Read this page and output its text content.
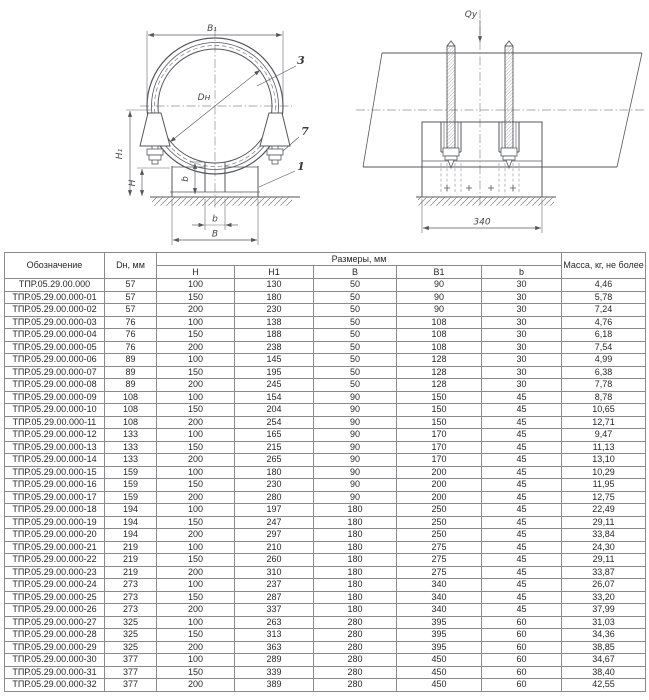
B₁
Dн
H₁
H
b
b
B
3
7
1
Qy
340
Обозначение	Dн, мм	Размеры, мм					Масса, кг, не более
		H	H1	B	B1	b	
ТПР.05.29.00.000	57	100	130	50	90	30	4,46
ТПР.05.29.00.000-01	57	150	180	50	90	30	5,78
ТПР.05.29.00.000-02	57	200	230	50	90	30	7,24
ТПР.05.29.00.000-03	76	100	138	50	108	30	4,76
ТПР.05.29.00.000-04	76	150	188	50	108	30	6,18
ТПР.05.29.00.000-05	76	200	238	50	108	30	7,54
ТПР.05.29.00.000-06	89	100	145	50	128	30	4,99
ТПР.05.29.00.000-07	89	150	195	50	128	30	6,38
ТПР.05.29.00.000-08	89	200	245	50	128	30	7,78
ТПР.05.29.00.000-09	108	100	154	90	150	45	8,78
ТПР.05.29.00.000-10	108	150	204	90	150	45	10,65
ТПР.05.29.00.000-11	108	200	254	90	150	45	12,71
ТПР.05.29.00.000-12	133	100	165	90	170	45	9,47
ТПР.05.29.00.000-13	133	150	215	90	170	45	11,13
ТПР.05.29.00.000-14	133	200	265	90	170	45	13,10
ТПР.05.29.00.000-15	159	100	180	90	200	45	10,29
ТПР.05.29.00.000-16	159	150	230	90	200	45	11,95
ТПР.05.29.00.000-17	159	200	280	90	200	45	12,75
ТПР.05.29.00.000-18	194	100	197	180	250	45	22,49
ТПР.05.29.00.000-19	194	150	247	180	250	45	29,11
ТПР.05.29.00.000-20	194	200	297	180	250	45	33,84
ТПР.05.29.00.000-21	219	100	210	180	275	45	24,30
ТПР.05.29.00.000-22	219	150	260	180	275	45	29,11
ТПР.05.29.00.000-23	219	200	310	180	275	45	33,87
ТПР.05.29.00.000-24	273	100	237	180	340	45	26,07
ТПР.05.29.00.000-25	273	150	287	180	340	45	33,20
ТПР.05.29.00.000-26	273	200	337	180	340	45	37,99
ТПР.05.29.00.000-27	325	100	263	280	395	60	31,03
ТПР.05.29.00.000-28	325	150	313	280	395	60	34,36
ТПР.05.29.00.000-29	325	200	363	280	395	60	38,85
ТПР.05.29.00.000-30	377	100	289	280	450	60	34,67
ТПР.05.29.00.000-31	377	150	339	280	450	60	38,40
ТПР.05.29.00.000-32	377	200	389	280	450	60	42,55
